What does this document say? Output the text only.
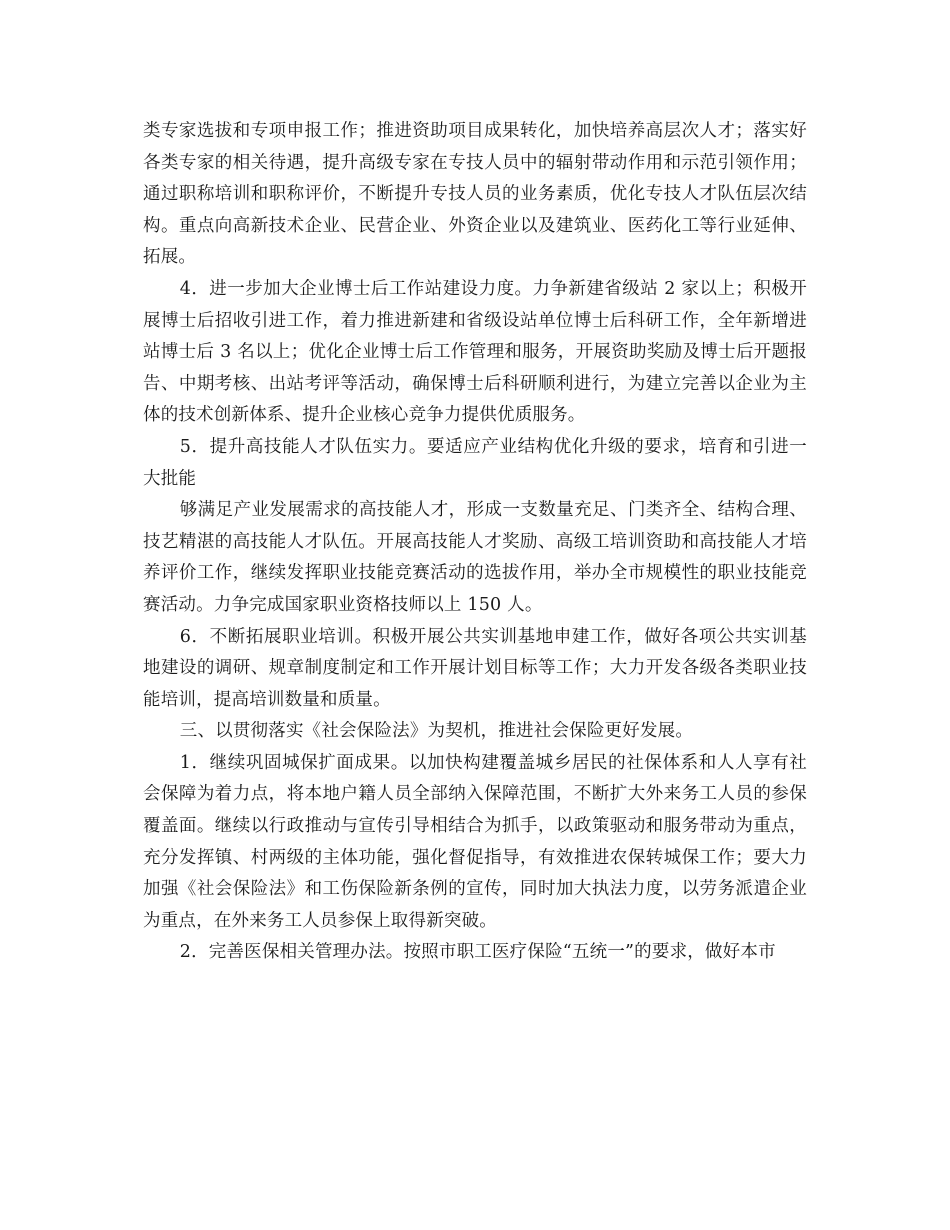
类专家选拔和专项申报工作；推进资助项目成果转化，加快培养高层次人才；落实好各类专家的相关待遇，提升高级专家在专技人员中的辐射带动作用和示范引领作用；通过职称培训和职称评价，不断提升专技人员的业务素质，优化专技人才队伍层次结构。重点向高新技术企业、民营企业、外资企业以及建筑业、医药化工等行业延伸、拓展。

4．进一步加大企业博士后工作站建设力度。力争新建省级站 2 家以上；积极开展博士后招收引进工作，着力推进新建和省级设站单位博士后科研工作，全年新增进站博士后 3 名以上；优化企业博士后工作管理和服务，开展资助奖励及博士后开题报告、中期考核、出站考评等活动，确保博士后科研顺利进行，为建立完善以企业为主体的技术创新体系、提升企业核心竞争力提供优质服务。

5．提升高技能人才队伍实力。要适应产业结构优化升级的要求，培育和引进一大批能

够满足产业发展需求的高技能人才，形成一支数量充足、门类齐全、结构合理、技艺精湛的高技能人才队伍。开展高技能人才奖励、高级工培训资助和高技能人才培养评价工作，继续发挥职业技能竞赛活动的选拔作用，举办全市规模性的职业技能竞赛活动。力争完成国家职业资格技师以上 150 人。

6．不断拓展职业培训。积极开展公共实训基地申建工作，做好各项公共实训基地建设的调研、规章制度制定和工作开展计划目标等工作；大力开发各级各类职业技能培训，提高培训数量和质量。

三、以贯彻落实《社会保险法》为契机，推进社会保险更好发展。

1．继续巩固城保扩面成果。以加快构建覆盖城乡居民的社保体系和人人享有社会保障为着力点，将本地户籍人员全部纳入保障范围，不断扩大外来务工人员的参保覆盖面。继续以行政推动与宣传引导相结合为抓手，以政策驱动和服务带动为重点，充分发挥镇、村两级的主体功能，强化督促指导，有效推进农保转城保工作；要大力加强《社会保险法》和工伤保险新条例的宣传，同时加大执法力度，以劳务派遣企业为重点，在外来务工人员参保上取得新突破。

2．完善医保相关管理办法。按照市职工医疗保险“五统一”的要求，做好本市
